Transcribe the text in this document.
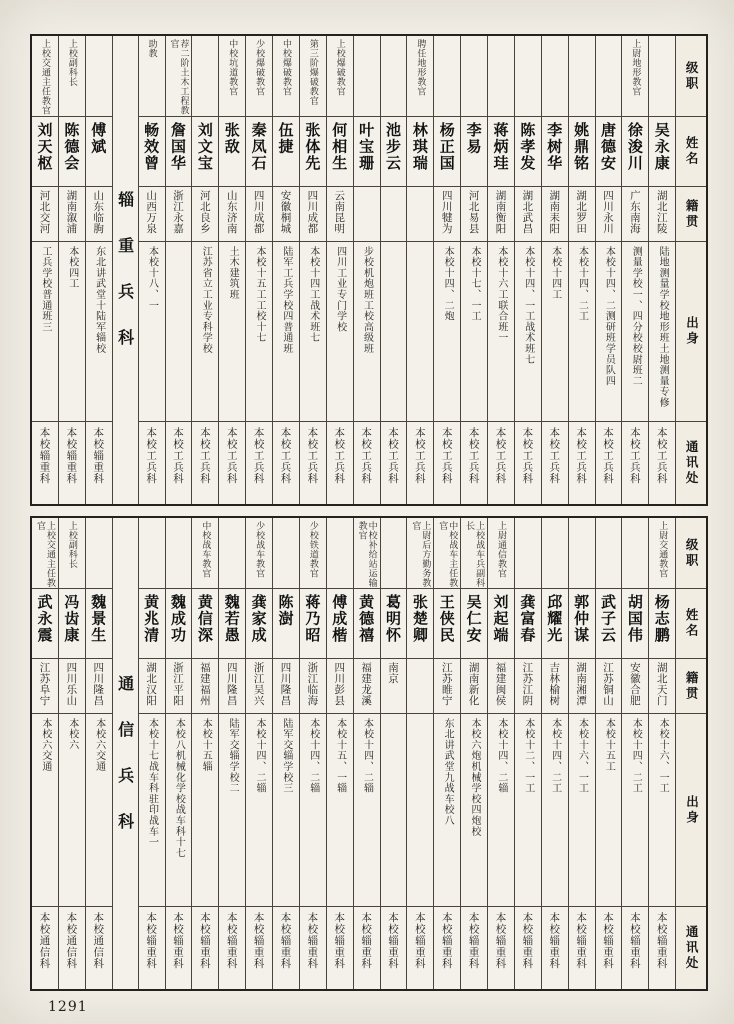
上校交通主任教官
刘天枢
河北交河
工兵学校普通班三
本校辎重科
上校副科长
陈德会
湖南溆浦
本校四工
本校辎重科
傅斌
山东临朐
东北讲武堂十陆军辎校
本校辎重科
辎重兵科
助教
畅效曾
山西万泉
本校十八、一
本校工兵科
荐二阶土木工程教官
詹国华
浙江永嘉
本校工兵科
刘文宝
河北良乡
江苏省立工业专科学校
本校工兵科
中校坑道教官
张敌
山东济南
土木建筑班
本校工兵科
少校爆破教官
秦凤石
四川成都
本校十五工工校十七
本校工兵科
中校爆破教官
伍捷
安徽桐城
陆军工兵学校四普通班
本校工兵科
第三阶爆破教官
张体先
四川成都
本校十四工战术班七
本校工兵科
上校爆破教官
何相生
云南昆明
四川工业专门学校
本校工兵科
叶宝珊
步校机炮班工校高级班
本校工兵科
池步云
本校工兵科
聘任地形教官
林琪瑞
本校工兵科
杨正国
四川犍为
本校十四、二炮
本校工兵科
李易
河北易县
本校十七、一工
本校工兵科
蒋炳珪
湖南衡阳
本校十六工联合班一
本校工兵科
陈孝发
湖北武昌
本校十四、一工战术班七
本校工兵科
李树华
湖南耒阳
本校十四工
本校工兵科
姚鼎铭
湖北罗田
本校十四、二工
本校工兵科
唐德安
四川永川
本校十四、二测研班学员队四
本校工兵科
上尉地形教官
徐浚川
广东南海
测量学校一、四分校校尉班二
本校工兵科
吴永康
湖北江陵
陆地测量学校地形班土地测量专修
本校工兵科
级职
姓名
籍贯
出身
通讯处
上校交通主任教官
武永震
江苏阜宁
本校六交通
本校通信科
上校副科长
冯齿康
四川乐山
本校六
本校通信科
魏景生
四川隆昌
本校六交通
本校通信科
通信兵科
黄兆清
湖北汉阳
本校十七战车科驻印战车一
本校辎重科
魏成功
浙江平阳
本校八机械化学校战车科十七
本校辎重科
中校战车教官
黄信深
福建福州
本校十五辎
本校辎重科
魏若愚
四川隆昌
陆军交辎学校二
本校辎重科
少校战车教官
龚家成
浙江吴兴
本校十四、二辎
本校辎重科
陈澍
四川隆昌
陆军交辎学校三
本校辎重科
少校铁道教官
蒋乃昭
浙江临海
本校十四、二辎
本校辎重科
傅成楷
四川彭县
本校十五、一辎
本校辎重科
中校补给站运输教官
黄德禧
福建龙溪
本校十四、二辎
本校辎重科
葛明怀
南京
本校辎重科
上尉后方勤务教官
张楚卿
本校辎重科
中校战车主任教官
王侠民
江苏睢宁
东北讲武堂九战车校八
本校辎重科
上校战车兵副科长
吴仁安
湖南新化
本校六炮机械学校四炮校
本校辎重科
上尉通信教官
刘起端
福建闽侯
本校十四、二辎
本校辎重科
龚富春
江苏江阴
本校十二、一工
本校辎重科
邱耀光
吉林榆树
本校十四、二工
本校辎重科
郭仲谋
湖南湘潭
本校十六、一工
本校辎重科
武子云
江苏铜山
本校十五工
本校辎重科
胡国伟
安徽合肥
本校十四、二工
本校辎重科
上尉交通教官
杨志鹏
湖北天门
本校十六、一工
本校辎重科
级职
姓名
籍贯
出身
通讯处
1291
